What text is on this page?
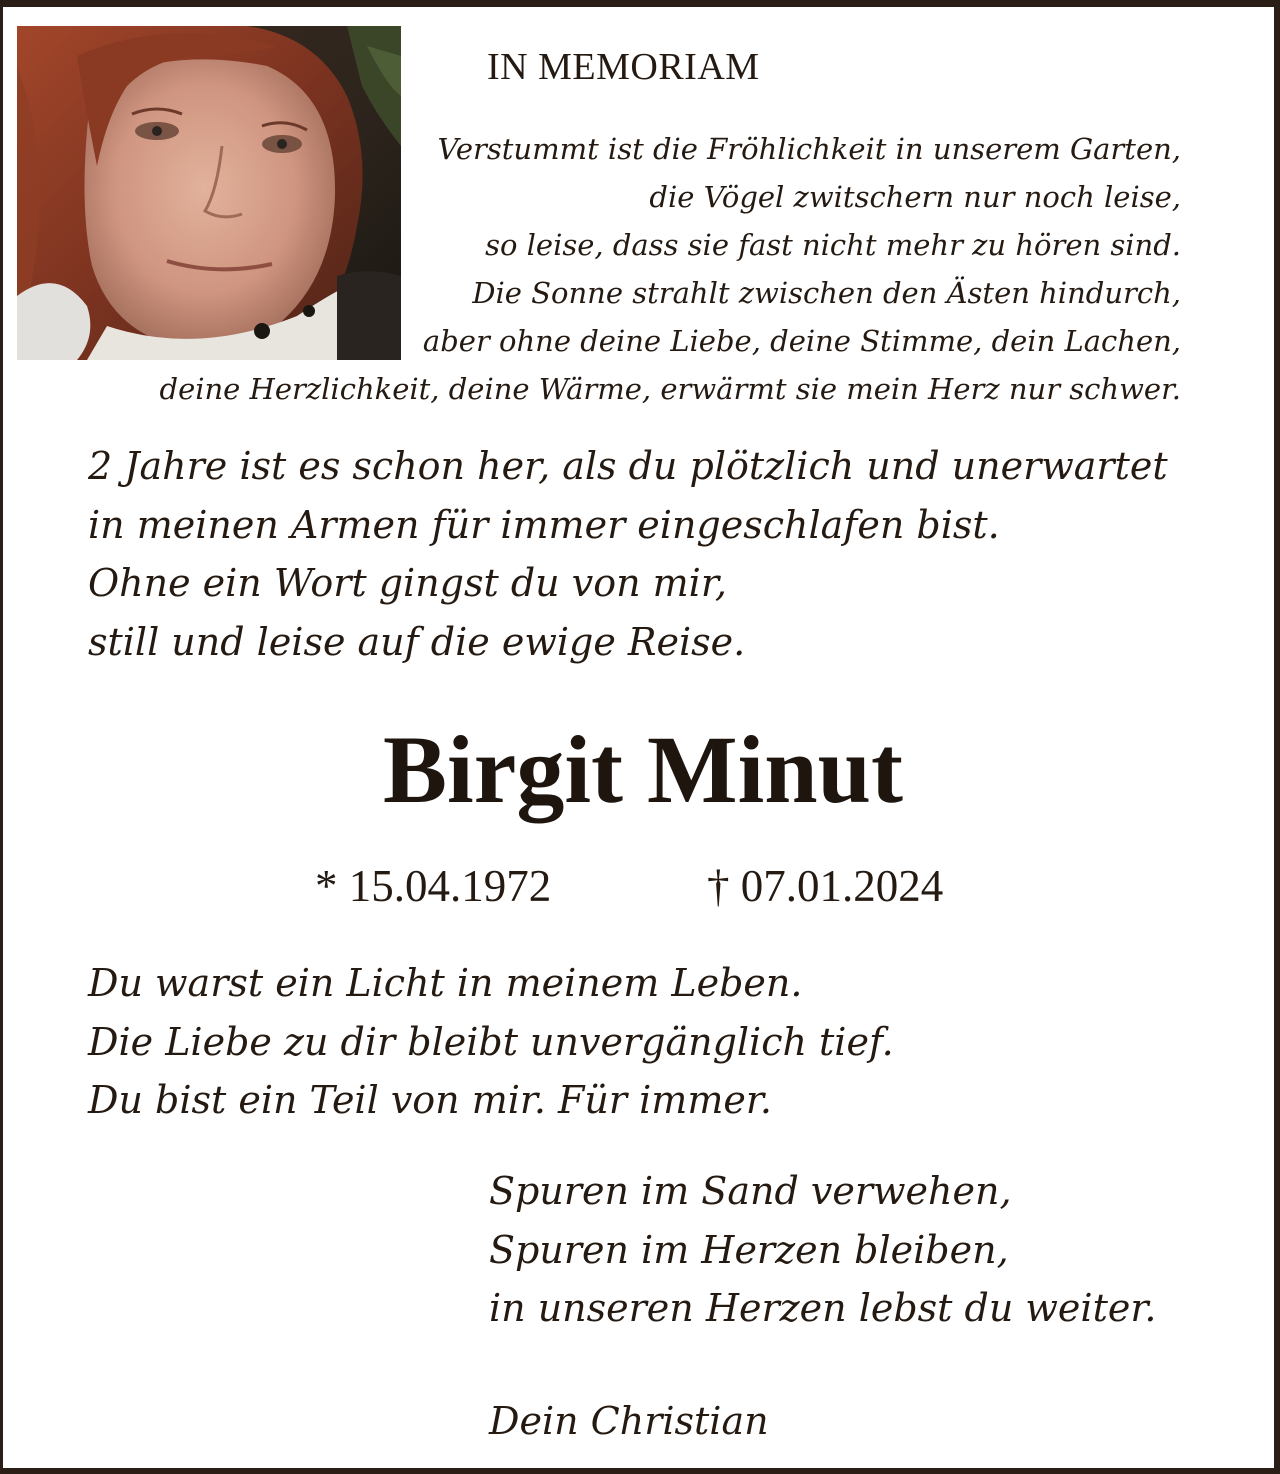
IN MEMORIAM
Verstummt ist die Fröhlichkeit in unserem Garten,
die Vögel zwitschern nur noch leise,
so leise, dass sie fast nicht mehr zu hören sind.
Die Sonne strahlt zwischen den Ästen hindurch,
aber ohne deine Liebe, deine Stimme, dein Lachen,
deine Herzlichkeit, deine Wärme, erwärmt sie mein Herz nur schwer.
2 Jahre ist es schon her, als du plötzlich und unerwartet
in meinen Armen für immer eingeschlafen bist.
Ohne ein Wort gingst du von mir,
still und leise auf die ewige Reise.
Birgit Minut
* 15.04.1972	† 07.01.2024
Du warst ein Licht in meinem Leben.
Die Liebe zu dir bleibt unvergänglich tief.
Du bist ein Teil von mir. Für immer.
Spuren im Sand verwehen,
Spuren im Herzen bleiben,
in unseren Herzen lebst du weiter.
Dein Christian
